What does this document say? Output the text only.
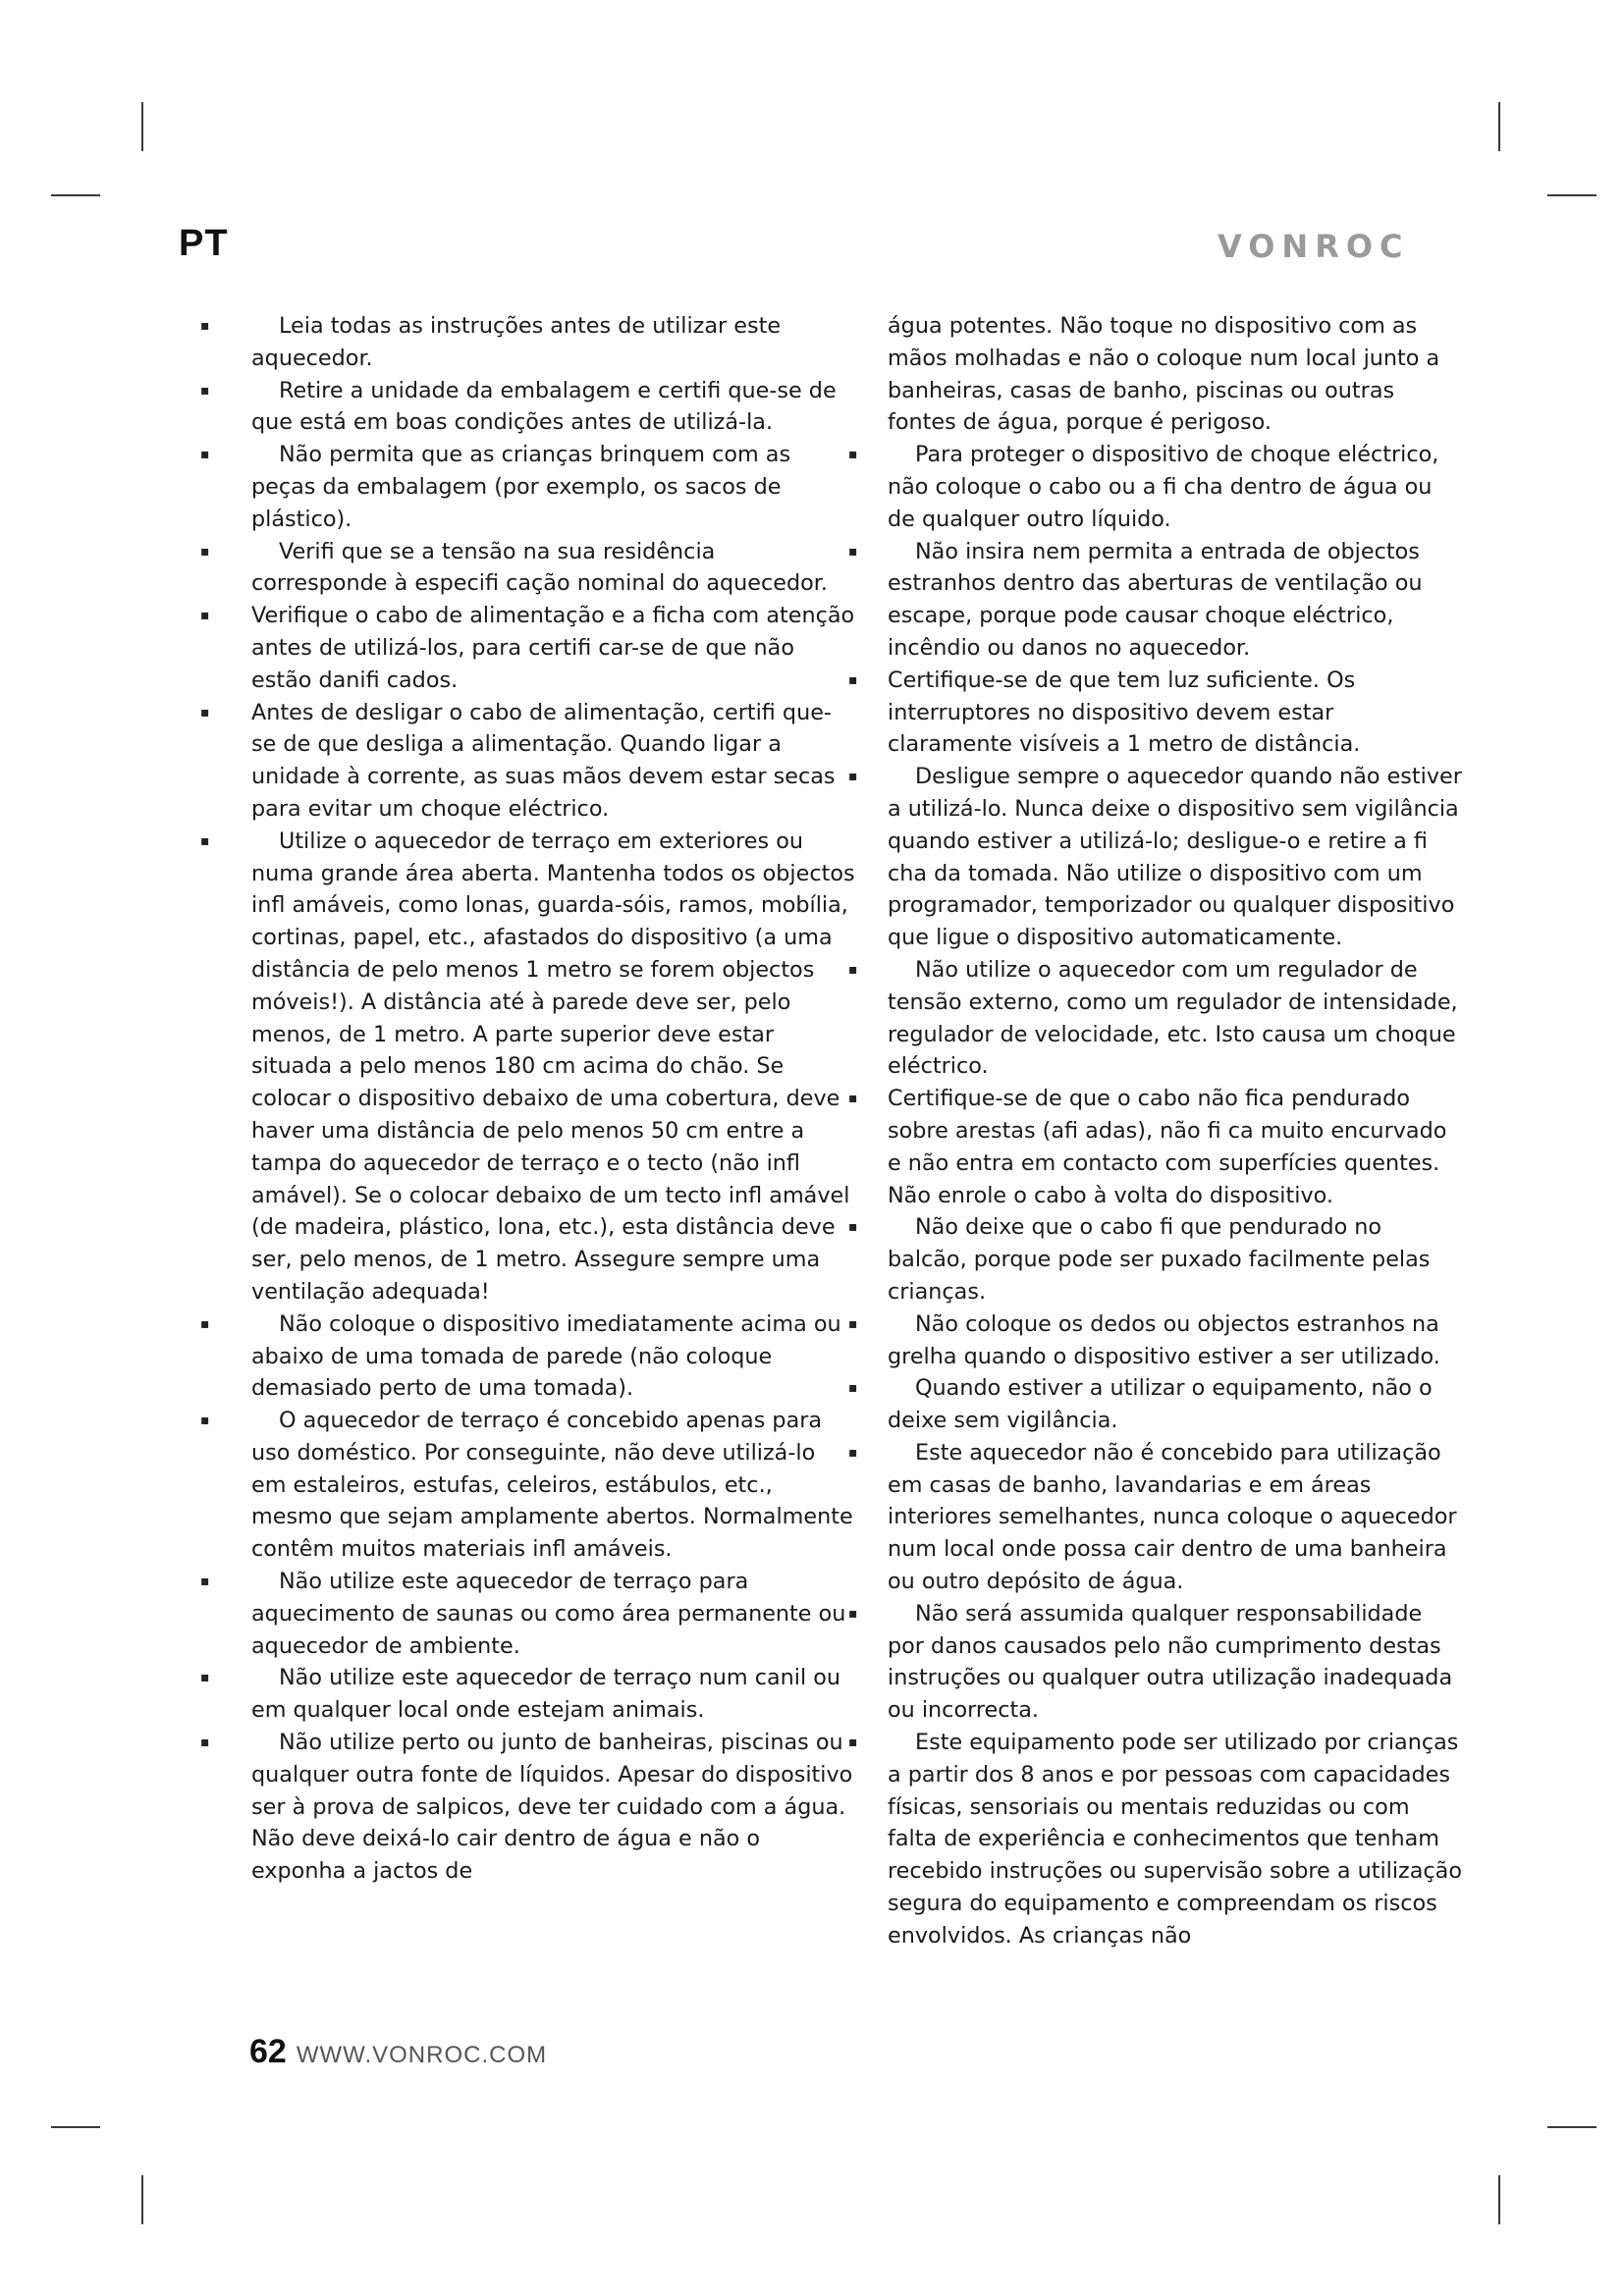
PT	VONROC
▪ Leia todas as instruções antes de utilizar este aquecedor.
▪ Retire a unidade da embalagem e certifi que-se de que está em boas condições antes de utilizá-la.
▪ Não permita que as crianças brinquem com as peças da embalagem (por exemplo, os sacos de plástico).
▪ Verifi que se a tensão na sua residência corresponde à especifi cação nominal do aquecedor.
▪ Verifique o cabo de alimentação e a ficha com atenção antes de utilizá-los, para certifi car-se de que não estão danifi cados.
▪ Antes de desligar o cabo de alimentação, certifi que-se de que desliga a alimentação. Quando ligar a unidade à corrente, as suas mãos devem estar secas para evitar um choque eléctrico.
▪ Utilize o aquecedor de terraço em exteriores ou numa grande área aberta. Mantenha todos os objectos infl amáveis, como lonas, guarda-sóis, ramos, mobília, cortinas, papel, etc., afastados do dispositivo (a uma distância de pelo menos 1 metro se forem objectos móveis!). A distância até à parede deve ser, pelo menos, de 1 metro. A parte superior deve estar situada a pelo menos 180 cm acima do chão. Se colocar o dispositivo debaixo de uma cobertura, deve haver uma distância de pelo menos 50 cm entre a tampa do aquecedor de terraço e o tecto (não infl amável). Se o colocar debaixo de um tecto infl amável (de madeira, plástico, lona, etc.), esta distância deve ser, pelo menos, de 1 metro. Assegure sempre uma ventilação adequada!
▪ Não coloque o dispositivo imediatamente acima ou abaixo de uma tomada de parede (não coloque demasiado perto de uma tomada).
▪ O aquecedor de terraço é concebido apenas para uso doméstico. Por conseguinte, não deve utilizá-lo em estaleiros, estufas, celeiros, estábulos, etc., mesmo que sejam amplamente abertos. Normalmente contêm muitos materiais infl amáveis.
▪ Não utilize este aquecedor de terraço para aquecimento de saunas ou como área permanente ou aquecedor de ambiente.
▪ Não utilize este aquecedor de terraço num canil ou em qualquer local onde estejam animais.
▪ Não utilize perto ou junto de banheiras, piscinas ou qualquer outra fonte de líquidos. Apesar do dispositivo ser à prova de salpicos, deve ter cuidado com a água. Não deve deixá-lo cair dentro de água e não o exponha a jactos de

água potentes. Não toque no dispositivo com as mãos molhadas e não o coloque num local junto a banheiras, casas de banho, piscinas ou outras fontes de água, porque é perigoso.

▪ Para proteger o dispositivo de choque eléctrico, não coloque o cabo ou a fi cha dentro de água ou de qualquer outro líquido.
▪ Não insira nem permita a entrada de objectos estranhos dentro das aberturas de ventilação ou escape, porque pode causar choque eléctrico, incêndio ou danos no aquecedor.
▪ Certifique-se de que tem luz suficiente. Os interruptores no dispositivo devem estar claramente visíveis a 1 metro de distância.
▪ Desligue sempre o aquecedor quando não estiver a utilizá-lo. Nunca deixe o dispositivo sem vigilância quando estiver a utilizá-lo; desligue-o e retire a fi cha da tomada. Não utilize o dispositivo com um programador, temporizador ou qualquer dispositivo que ligue o dispositivo automaticamente.
▪ Não utilize o aquecedor com um regulador de tensão externo, como um regulador de intensidade, regulador de velocidade, etc. Isto causa um choque eléctrico.
▪ Certifique-se de que o cabo não fica pendurado sobre arestas (afi adas), não fi ca muito encurvado e não entra em contacto com superfícies quentes. Não enrole o cabo à volta do dispositivo.
▪ Não deixe que o cabo fi que pendurado no balcão, porque pode ser puxado facilmente pelas crianças.
▪ Não coloque os dedos ou objectos estranhos na grelha quando o dispositivo estiver a ser utilizado.
▪ Quando estiver a utilizar o equipamento, não o deixe sem vigilância.
▪ Este aquecedor não é concebido para utilização em casas de banho, lavandarias e em áreas interiores semelhantes, nunca coloque o aquecedor num local onde possa cair dentro de uma banheira ou outro depósito de água.
▪ Não será assumida qualquer responsabilidade por danos causados pelo não cumprimento destas instruções ou qualquer outra utilização inadequada ou incorrecta.
▪ Este equipamento pode ser utilizado por crianças a partir dos 8 anos e por pessoas com capacidades físicas, sensoriais ou mentais reduzidas ou com falta de experiência e conhecimentos que tenham recebido instruções ou supervisão sobre a utilização segura do equipamento e compreendam os riscos envolvidos. As crianças não
62 WWW.VONROC.COM
